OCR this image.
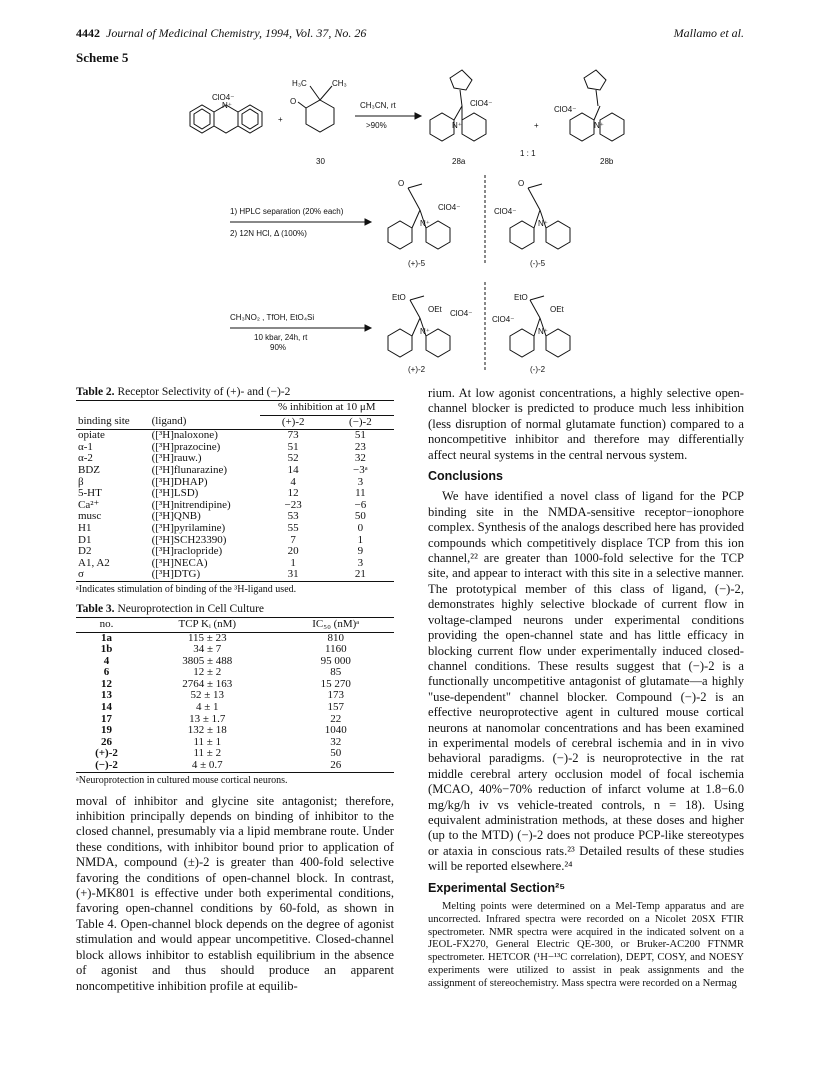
4442 Journal of Medicinal Chemistry, 1994, Vol. 37, No. 26	Mallamo et al.
Scheme 5
ClO4⁻
N⁺
+
H₃C	CH₃
O
30
CH₃CN, rt
>90%
ClO4⁻
N⁺
28a
+
ClO4⁻
N⁺
1 : 1
28b
1) HPLC separation (20% each)
2) 12N HCl, Δ (100%)
O
ClO4⁻
N⁺
(+)-5
O
ClO4⁻
N⁺
(-)-5
CH₃NO₂ , TfOH, EtO₄Si
10 kbar, 24h, rt
90%
EtO
OEt ClO4⁻
N⁺
(+)-2
EtO
OEt
ClO4⁻
N⁺
(-)-2
Table 2. Receptor Selectivity of (+)- and (−)-2
		% inhibition at 10 μM	
binding site	(ligand)	(+)-2	(−)-2
opiate	([³H]naloxone)	73	51
α-1	([³H]prazocine)	51	23
α-2	([³H]rauw.)	52	32
BDZ	([³H]flunarazine)	14	−3ᵃ
β	([³H]DHAP)	4	3
5-HT	([³H]LSD)	12	11
Ca²⁺	([³H]nitrendipine)	−23	−6
musc	([³H]QNB)	53	50
H1	([³H]pyrilamine)	55	0
D1	([³H]SCH23390)	7	1
D2	([³H]raclopride)	20	9
A1, A2	([³H]NECA)	1	3
σ	([³H]DTG)	31	21
ᵃIndicates stimulation of binding of the ³H-ligand used.
Table 3. Neuroprotection in Cell Culture
no.	TCP Kᵢ (nM)	IC₅₀ (nM)ᵃ
1a	115 ± 23	810
1b	34 ± 7	1160
4	3805 ± 488	95 000
6	12 ± 2	85
12	2764 ± 163	15 270
13	52 ± 13	173
14	4 ± 1	157
17	13 ± 1.7	22
19	132 ± 18	1040
26	11 ± 1	32
(+)-2	11 ± 2	50
(−)-2	4 ± 0.7	26
ᵃNeuroprotection in cultured mouse cortical neurons.

moval of inhibitor and glycine site antagonist; therefore, inhibition principally depends on binding of inhibitor to the closed channel, presumably via a lipid membrane route. Under these conditions, with inhibitor bound prior to application of NMDA, compound (±)-2 is greater than 400-fold selective favoring the conditions of open-channel block. In contrast, (+)-MK801 is effective under both experimental conditions, favoring open-channel conditions by 60-fold, as shown in Table 4. Open-channel block depends on the degree of agonist stimulation and would appear uncompetitive. Closed-channel block allows inhibitor to establish equilibrium in the absence of agonist and thus should produce an apparent noncompetitive inhibition profile at equilib-

rium. At low agonist concentrations, a highly selective open-channel blocker is predicted to produce much less inhibition (less disruption of normal glutamate function) compared to a noncompetitive inhibitor and therefore may differentially affect neural systems in the central nervous system.

Conclusions

We have identified a novel class of ligand for the PCP binding site in the NMDA-sensitive receptor−ionophore complex. Synthesis of the analogs described here has provided compounds which competitively displace TCP from this ion channel,²² are greater than 1000-fold selective for the TCP site, and appear to interact with this site in a selective manner. The prototypical member of this class of ligand, (−)-2, demonstrates highly selective blockade of current flow in voltage-clamped neurons under experimental conditions providing the open-channel state and has little efficacy in blocking current flow under experimentally induced closed-channel conditions. These results suggest that (−)-2 is a functionally uncompetitive antagonist of glutamate—a highly "use-dependent" channel blocker. Compound (−)-2 is an effective neuroprotective agent in cultured mouse cortical neurons at nanomolar concentrations and has been examined in experimental models of cerebral ischemia and in in vivo behavioral paradigms. (−)-2 is neuroprotective in the rat middle cerebral artery occlusion model of focal ischemia (MCAO, 40%−70% reduction of infarct volume at 1.8−6.0 mg/kg/h iv vs vehicle-treated controls, n = 18). Using equivalent administration methods, at these doses and higher (up to the MTD) (−)-2 does not produce PCP-like stereotypes or ataxia in conscious rats.²³ Detailed results of these studies will be reported elsewhere.²⁴

Experimental Section²⁵

Melting points were determined on a Mel-Temp apparatus and are uncorrected. Infrared spectra were recorded on a Nicolet 20SX FTIR spectrometer. NMR spectra were acquired in the indicated solvent on a JEOL-FX270, General Electric QE-300, or Bruker-AC200 FTNMR spectrometer. HETCOR (¹H−¹³C correlation), DEPT, COSY, and NOESY experiments were utilized to assist in peak assignments and the assignment of stereochemistry. Mass spectra were recorded on a Nermag
